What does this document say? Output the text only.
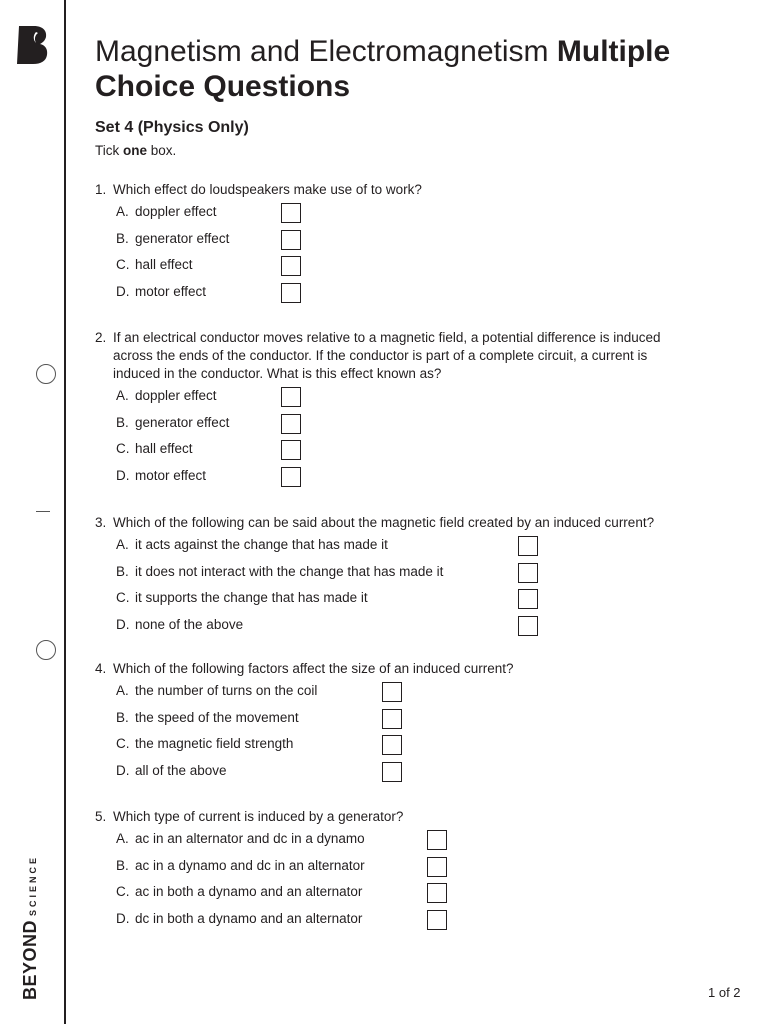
BEYONDSCIENCE
Magnetism and Electromagnetism Multiple
Choice Questions
Set 4 (Physics Only)
Tick one box.
1. Which effect do loudspeakers make use of to work?
A. doppler effect
B. generator effect
C. hall effect
D. motor effect
2. If an electrical conductor moves relative to a magnetic field, a potential difference is induced across the ends of the conductor. If the conductor is part of a complete circuit, a current is induced in the conductor. What is this effect known as?
A. doppler effect
B. generator effect
C. hall effect
D. motor effect
3. Which of the following can be said about the magnetic field created by an induced current?
A. it acts against the change that has made it
B. it does not interact with the change that has made it
C. it supports the change that has made it
D. none of the above
4. Which of the following factors affect the size of an induced current?
A. the number of turns on the coil
B. the speed of the movement
C. the magnetic field strength
D. all of the above
5. Which type of current is induced by a generator?
A. ac in an alternator and dc in a dynamo
B. ac in a dynamo and dc in an alternator
C. ac in both a dynamo and an alternator
D. dc in both a dynamo and an alternator
1 of 2
